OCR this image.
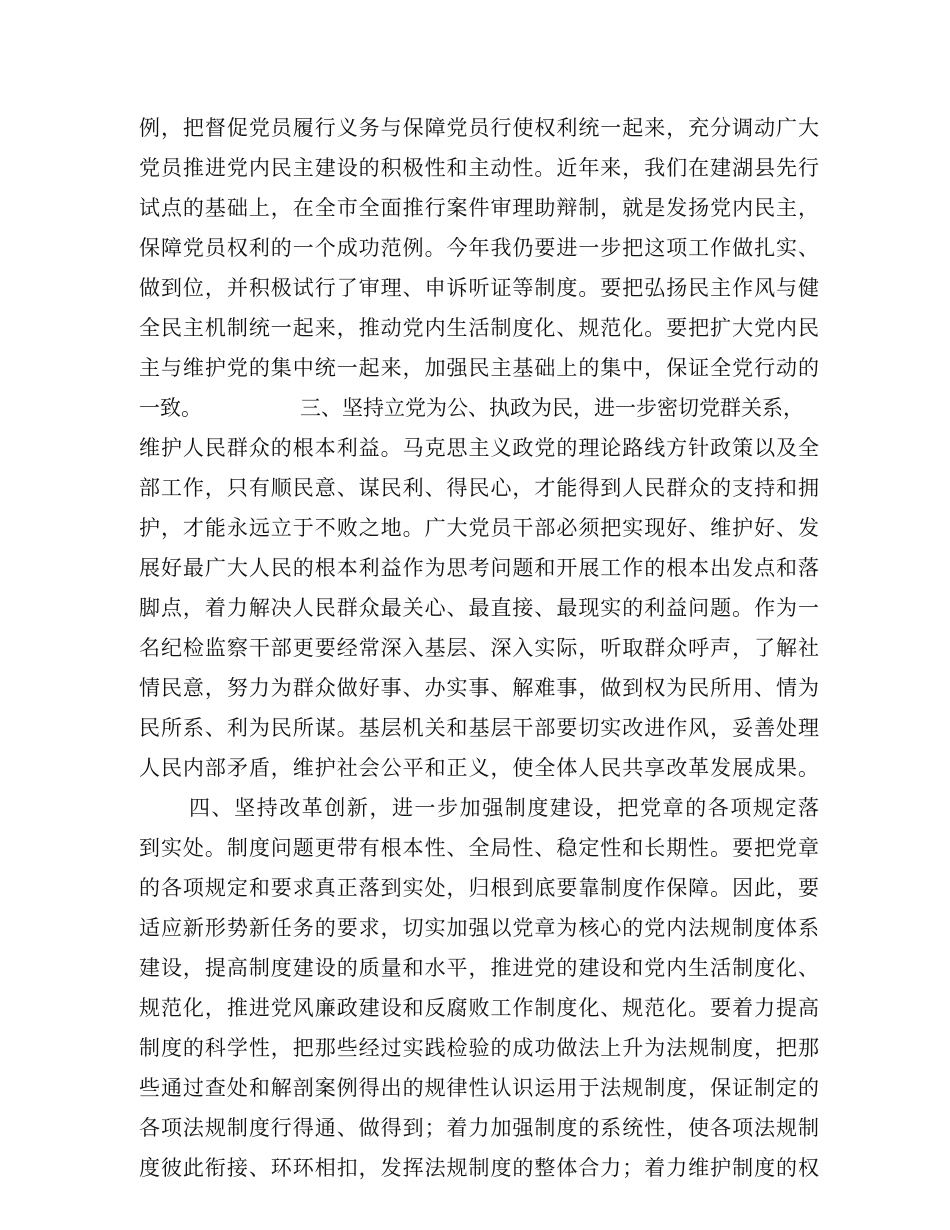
例，把督促党员履行义务与保障党员行使权利统一起来，充分调动广大
党员推进党内民主建设的积极性和主动性。近年来，我们在建湖县先行
试点的基础上，在全市全面推行案件审理助辩制，就是发扬党内民主，
保障党员权利的一个成功范例。今年我仍要进一步把这项工作做扎实、
做到位，并积极试行了审理、申诉听证等制度。要把弘扬民主作风与健
全民主机制统一起来，推动党内生活制度化、规范化。要把扩大党内民
主与维护党的集中统一起来，加强民主基础上的集中，保证全党行动的
一致。	三、坚持立党为公、执政为民，进一步密切党群关系，
维护人民群众的根本利益。马克思主义政党的理论路线方针政策以及全
部工作，只有顺民意、谋民利、得民心，才能得到人民群众的支持和拥
护，才能永远立于不败之地。广大党员干部必须把实现好、维护好、发
展好最广大人民的根本利益作为思考问题和开展工作的根本出发点和落
脚点，着力解决人民群众最关心、最直接、最现实的利益问题。作为一
名纪检监察干部更要经常深入基层、深入实际，听取群众呼声，了解社
情民意，努力为群众做好事、办实事、解难事，做到权为民所用、情为
民所系、利为民所谋。基层机关和基层干部要切实改进作风，妥善处理
人民内部矛盾，维护社会公平和正义，使全体人民共享改革发展成果。
四、坚持改革创新，进一步加强制度建设，把党章的各项规定落
到实处。制度问题更带有根本性、全局性、稳定性和长期性。要把党章
的各项规定和要求真正落到实处，归根到底要靠制度作保障。因此，要
适应新形势新任务的要求，切实加强以党章为核心的党内法规制度体系
建设，提高制度建设的质量和水平，推进党的建设和党内生活制度化、
规范化，推进党风廉政建设和反腐败工作制度化、规范化。要着力提高
制度的科学性，把那些经过实践检验的成功做法上升为法规制度，把那
些通过查处和解剖案例得出的规律性认识运用于法规制度，保证制定的
各项法规制度行得通、做得到；着力加强制度的系统性，使各项法规制
度彼此衔接、环环相扣，发挥法规制度的整体合力；着力维护制度的权
